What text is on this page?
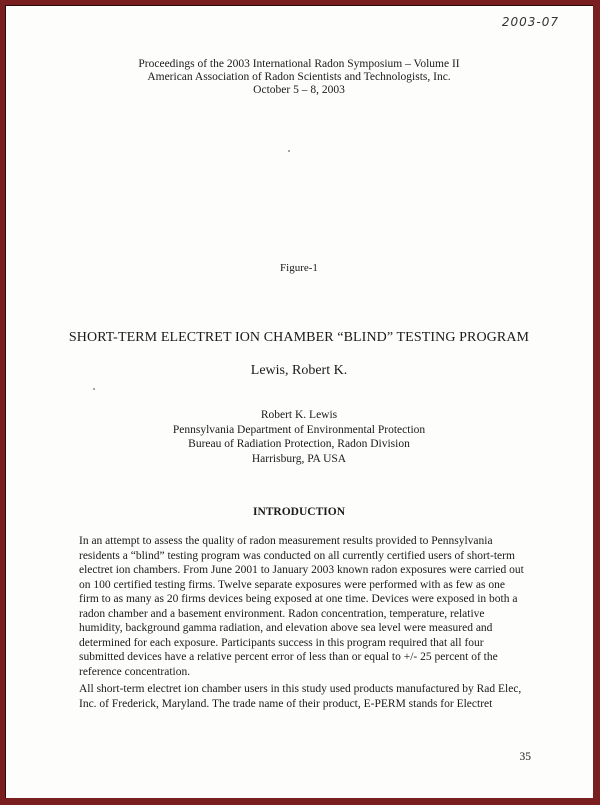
2003-07
Proceedings of the 2003 International Radon Symposium – Volume II
American Association of Radon Scientists and Technologists, Inc.
October 5 – 8, 2003
Figure-1
SHORT-TERM ELECTRET ION CHAMBER “BLIND” TESTING PROGRAM
Lewis, Robert K.
Robert K. Lewis
Pennsylvania Department of Environmental Protection
Bureau of Radiation Protection, Radon Division
Harrisburg, PA USA
INTRODUCTION
In an attempt to assess the quality of radon measurement results provided to Pennsylvania
residents a “blind” testing program was conducted on all currently certified users of short-term
electret ion chambers. From June 2001 to January 2003 known radon exposures were carried out
on 100 certified testing firms. Twelve separate exposures were performed with as few as one
firm to as many as 20 firms devices being exposed at one time. Devices were exposed in both a
radon chamber and a basement environment. Radon concentration, temperature, relative
humidity, background gamma radiation, and elevation above sea level were measured and
determined for each exposure. Participants success in this program required that all four
submitted devices have a relative percent error of less than or equal to +/- 25 percent of the
reference concentration.
All short-term electret ion chamber users in this study used products manufactured by Rad Elec,
Inc. of Frederick, Maryland. The trade name of their product, E-PERM stands for Electret
35
